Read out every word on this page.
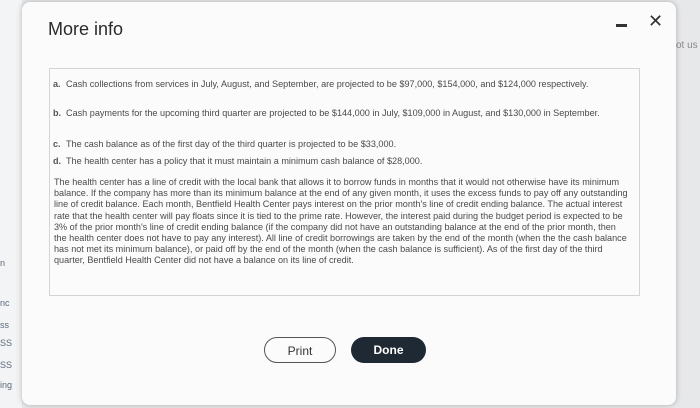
n
nc
ss
SS
SS
ing
ot us
More info	✕
a. Cash collections from services in July, August, and September, are projected to be $97,000, $154,000, and $124,000 respectively.
b. Cash payments for the upcoming third quarter are projected to be $144,000 in July, $109,000 in August, and $130,000 in September.
c. The cash balance as of the first day of the third quarter is projected to be $33,000.
d. The health center has a policy that it must maintain a minimum cash balance of $28,000.
The health center has a line of credit with the local bank that allows it to borrow funds in months that it would not otherwise have its minimum balance. If the company has more than its minimum balance at the end of any given month, it uses the excess funds to pay off any outstanding line of credit balance. Each month, Bentfield Health Center pays interest on the prior month's line of credit ending balance. The actual interest rate that the health center will pay floats since it is tied to the prime rate. However, the interest paid during the budget period is expected to be 3% of the prior month's line of credit ending balance (if the company did not have an outstanding balance at the end of the prior month, then the health center does not have to pay any interest). All line of credit borrowings are taken by the end of the month (when the the cash balance has not met its minimum balance), or paid off by the end of the month (when the cash balance is sufficient). As of the first day of the third quarter, Bentfield Health Center did not have a balance on its line of credit.
Print	Done
